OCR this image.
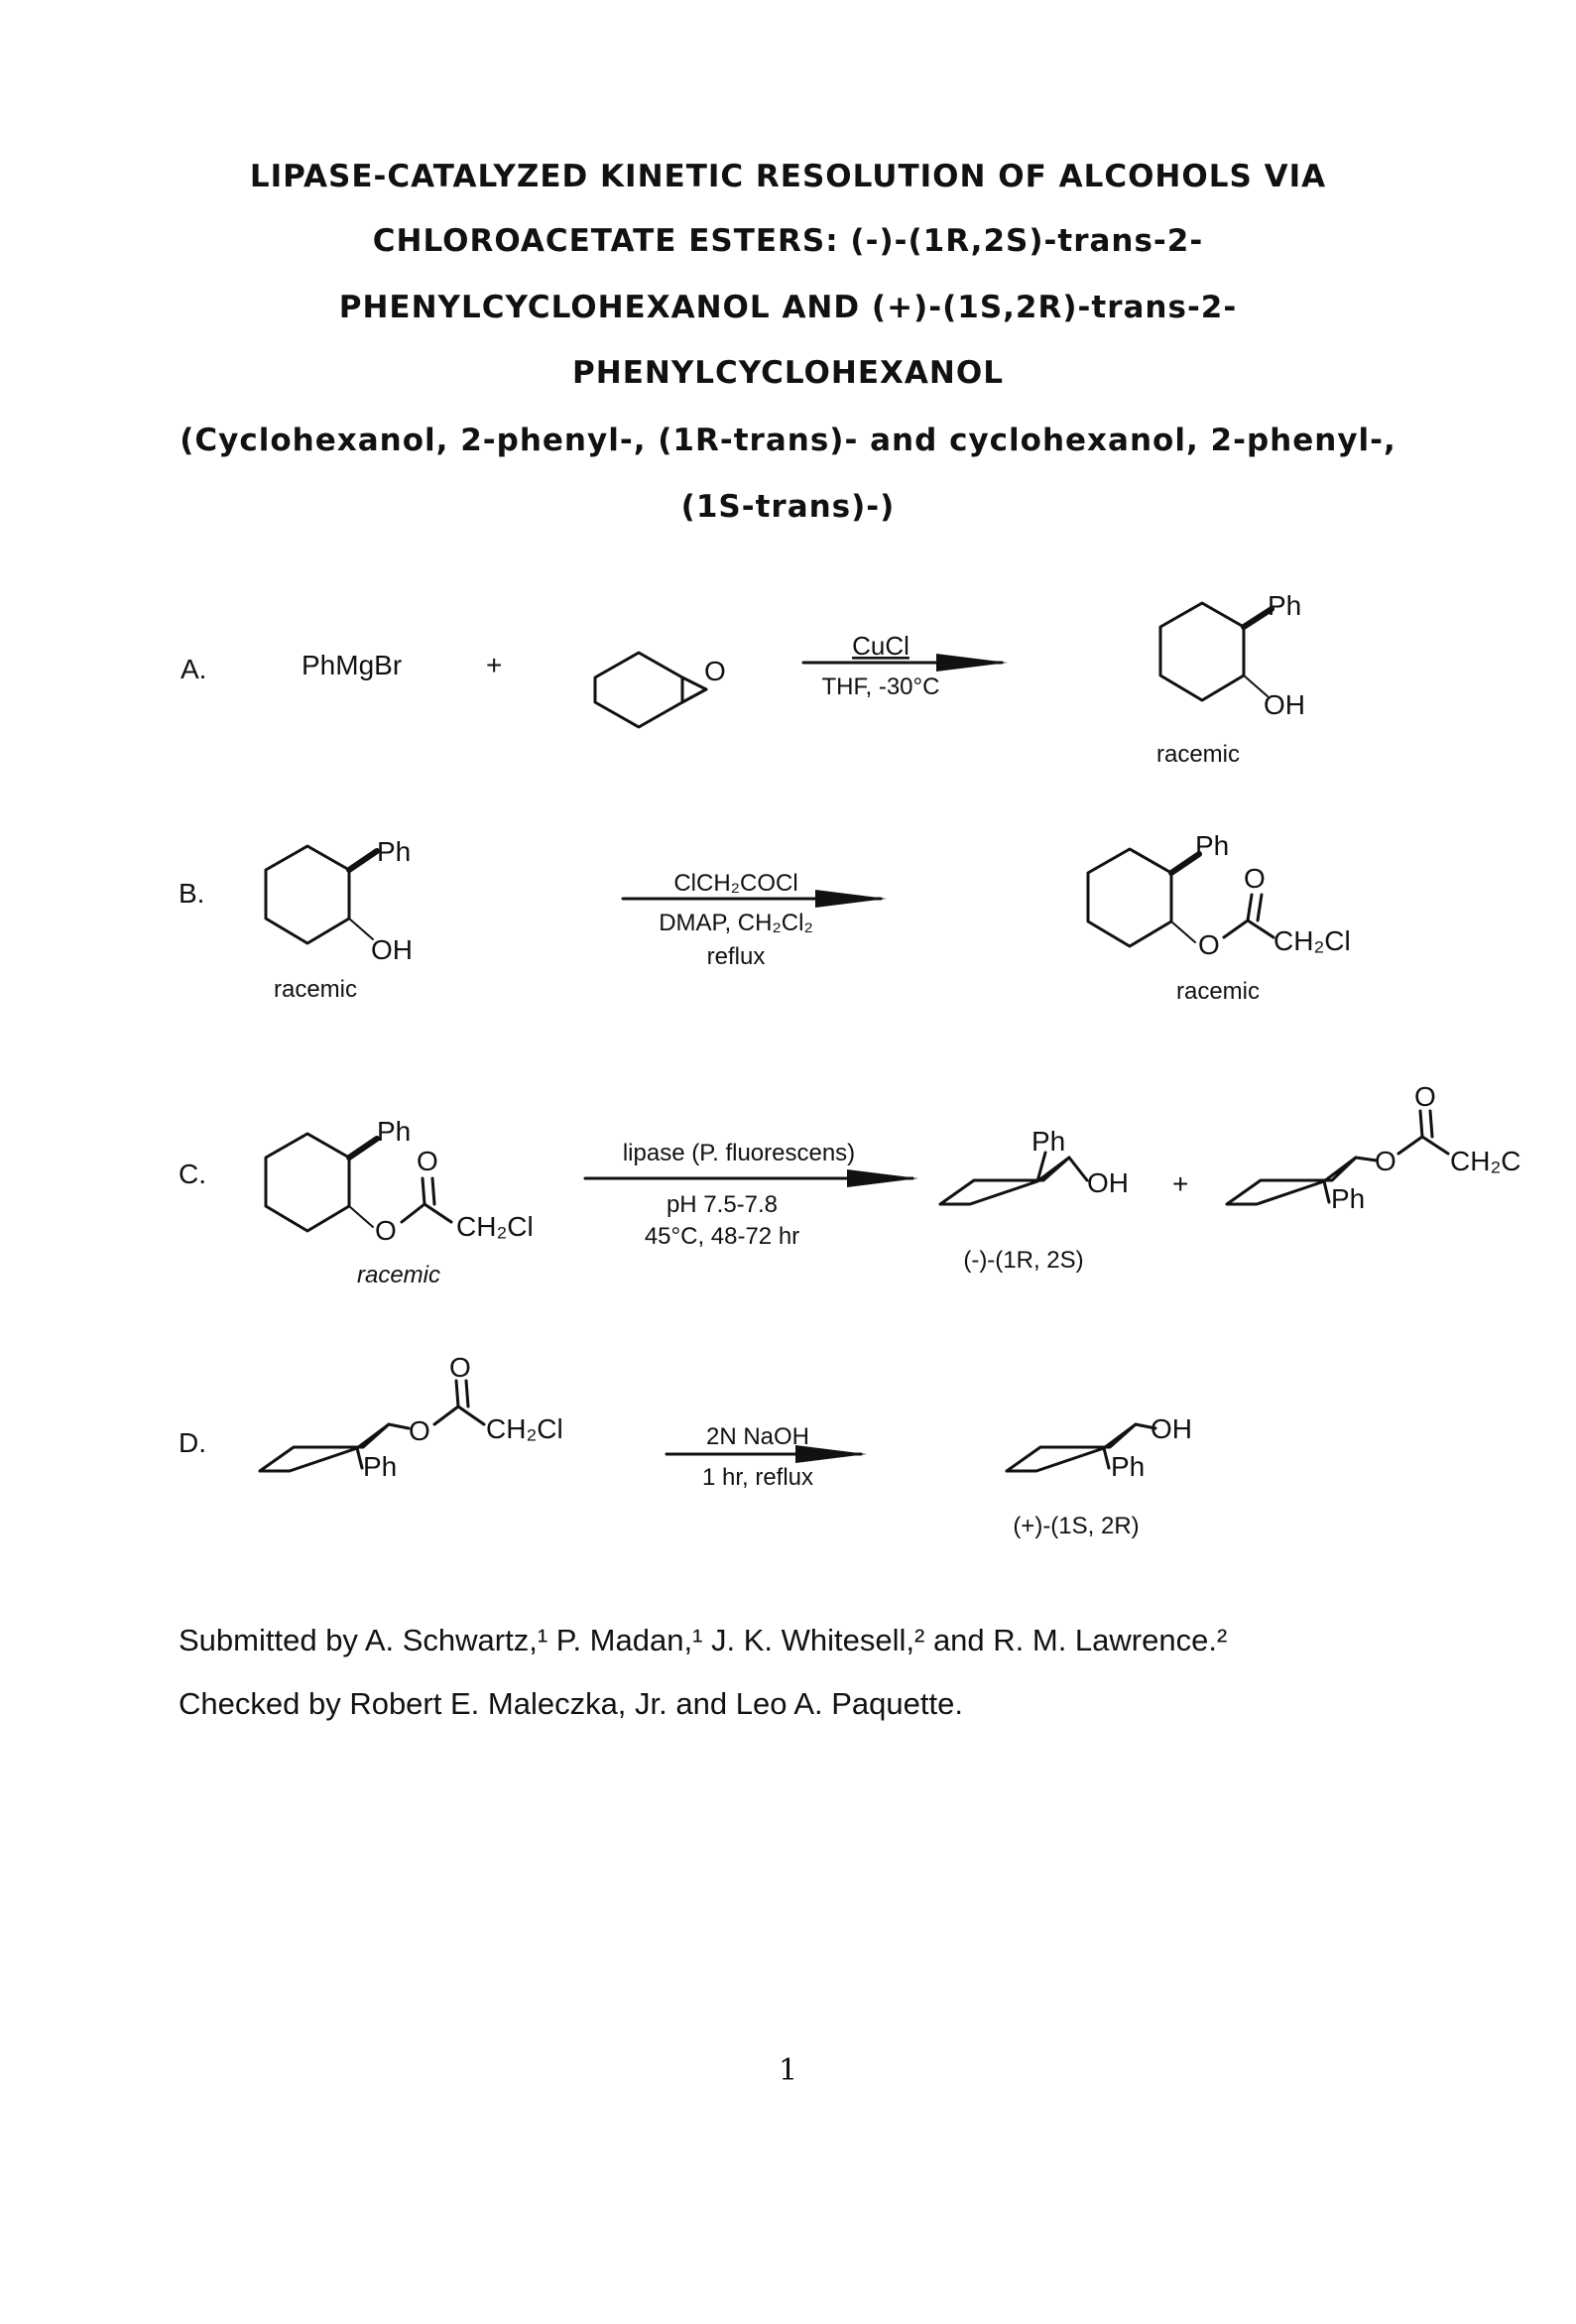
LIPASE-CATALYZED KINETIC RESOLUTION OF ALCOHOLS VIA
CHLOROACETATE ESTERS: (-)-(1R,2S)-trans-2-
PHENYLCYCLOHEXANOL AND (+)-(1S,2R)-trans-2-
PHENYLCYCLOHEXANOL
(Cyclohexanol, 2-phenyl-, (1R-trans)- and cyclohexanol, 2-phenyl-,
(1S-trans)-)
A.	PhMgBr	+	O
CuCl
THF, -30°C
Ph
OH
racemic
B.
Ph
OH
racemic
ClCH₂COCl
DMAP, CH₂Cl₂
reflux
Ph
O
O CH₂Cl
racemic
C.
Ph
O
O CH₂Cl
racemic
lipase (P. fluorescens)
pH 7.5-7.8
45°C, 48-72 hr
Ph
OH
(-)-(1R, 2S)
+
O
O CH₂C
Ph
D.
O
O CH₂Cl
Ph
2N NaOH
1 hr, reflux
OH
Ph
(+)-(1S, 2R)
Submitted by A. Schwartz,¹ P. Madan,¹ J. K. Whitesell,² and R. M. Lawrence.²
Checked by Robert E. Maleczka, Jr. and Leo A. Paquette.
1
